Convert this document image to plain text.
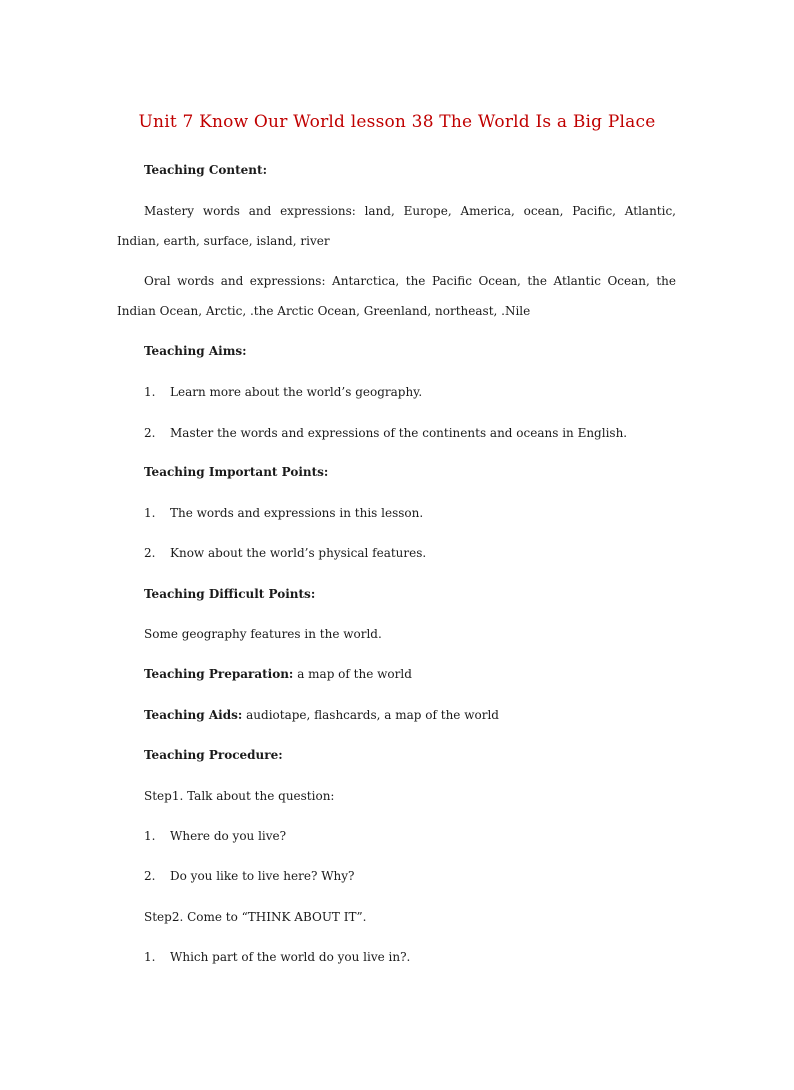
Unit 7 Know Our World lesson 38 The World Is a Big Place
Teaching Content:
Mastery words and expressions: land, Europe, America, ocean, Pacific, Atlantic,
Indian, earth, surface, island, river
Oral words and expressions: Antarctica, the Pacific Ocean, the Atlantic Ocean, the
Indian Ocean, Arctic, .the Arctic Ocean, Greenland, northeast, .Nile
Teaching Aims:
1. Learn more about the world’s geography.
2. Master the words and expressions of the continents and oceans in English.
Teaching Important Points:
1. The words and expressions in this lesson.
2. Know about the world’s physical features.
Teaching Difficult Points:
Some geography features in the world.
Teaching Preparation: a map of the world
Teaching Aids: audiotape, flashcards, a map of the world
Teaching Procedure:
Step1. Talk about the question:
1. Where do you live?
2. Do you like to live here? Why?
Step2. Come to “THINK ABOUT IT”.
1. Which part of the world do you live in?.
